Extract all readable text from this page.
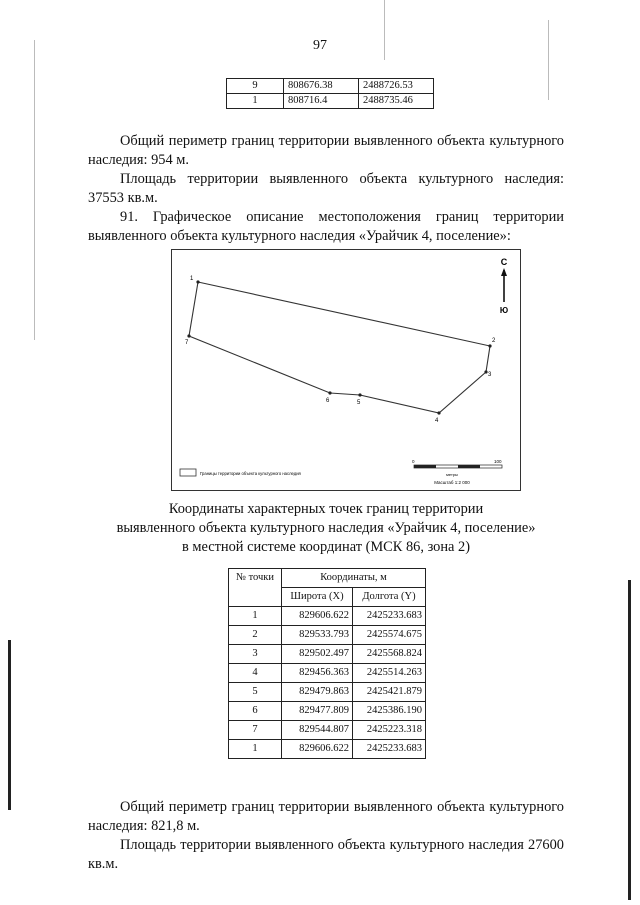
97
9	808676.38	2488726.53
1	808716.4	2488735.46
Общий периметр границ территории выявленного объекта культурного наследия: 954 м.
Площадь территории выявленного объекта культурного наследия: 37553 кв.м.
91. Графическое описание местоположения границ территории выявленного объекта культурного наследия «Урайчик 4, поселение»:
1
2
3
4
5
6
7
С
Ю
Границы территории объекта культурного наследия
0	100
метры
Масштаб 1:2 000
Координаты характерных точек границ территории
выявленного объекта культурного наследия «Урайчик 4, поселение»
в местной системе координат (МСК 86, зона 2)
№ точки	Координаты, м	
	Широта (X)	Долгота (Y)
1	829606.622	2425233.683
2	829533.793	2425574.675
3	829502.497	2425568.824
4	829456.363	2425514.263
5	829479.863	2425421.879
6	829477.809	2425386.190
7	829544.807	2425223.318
1	829606.622	2425233.683
Общий периметр границ территории выявленного объекта культурного наследия: 821,8 м.
Площадь территории выявленного объекта культурного наследия 27600 кв.м.
